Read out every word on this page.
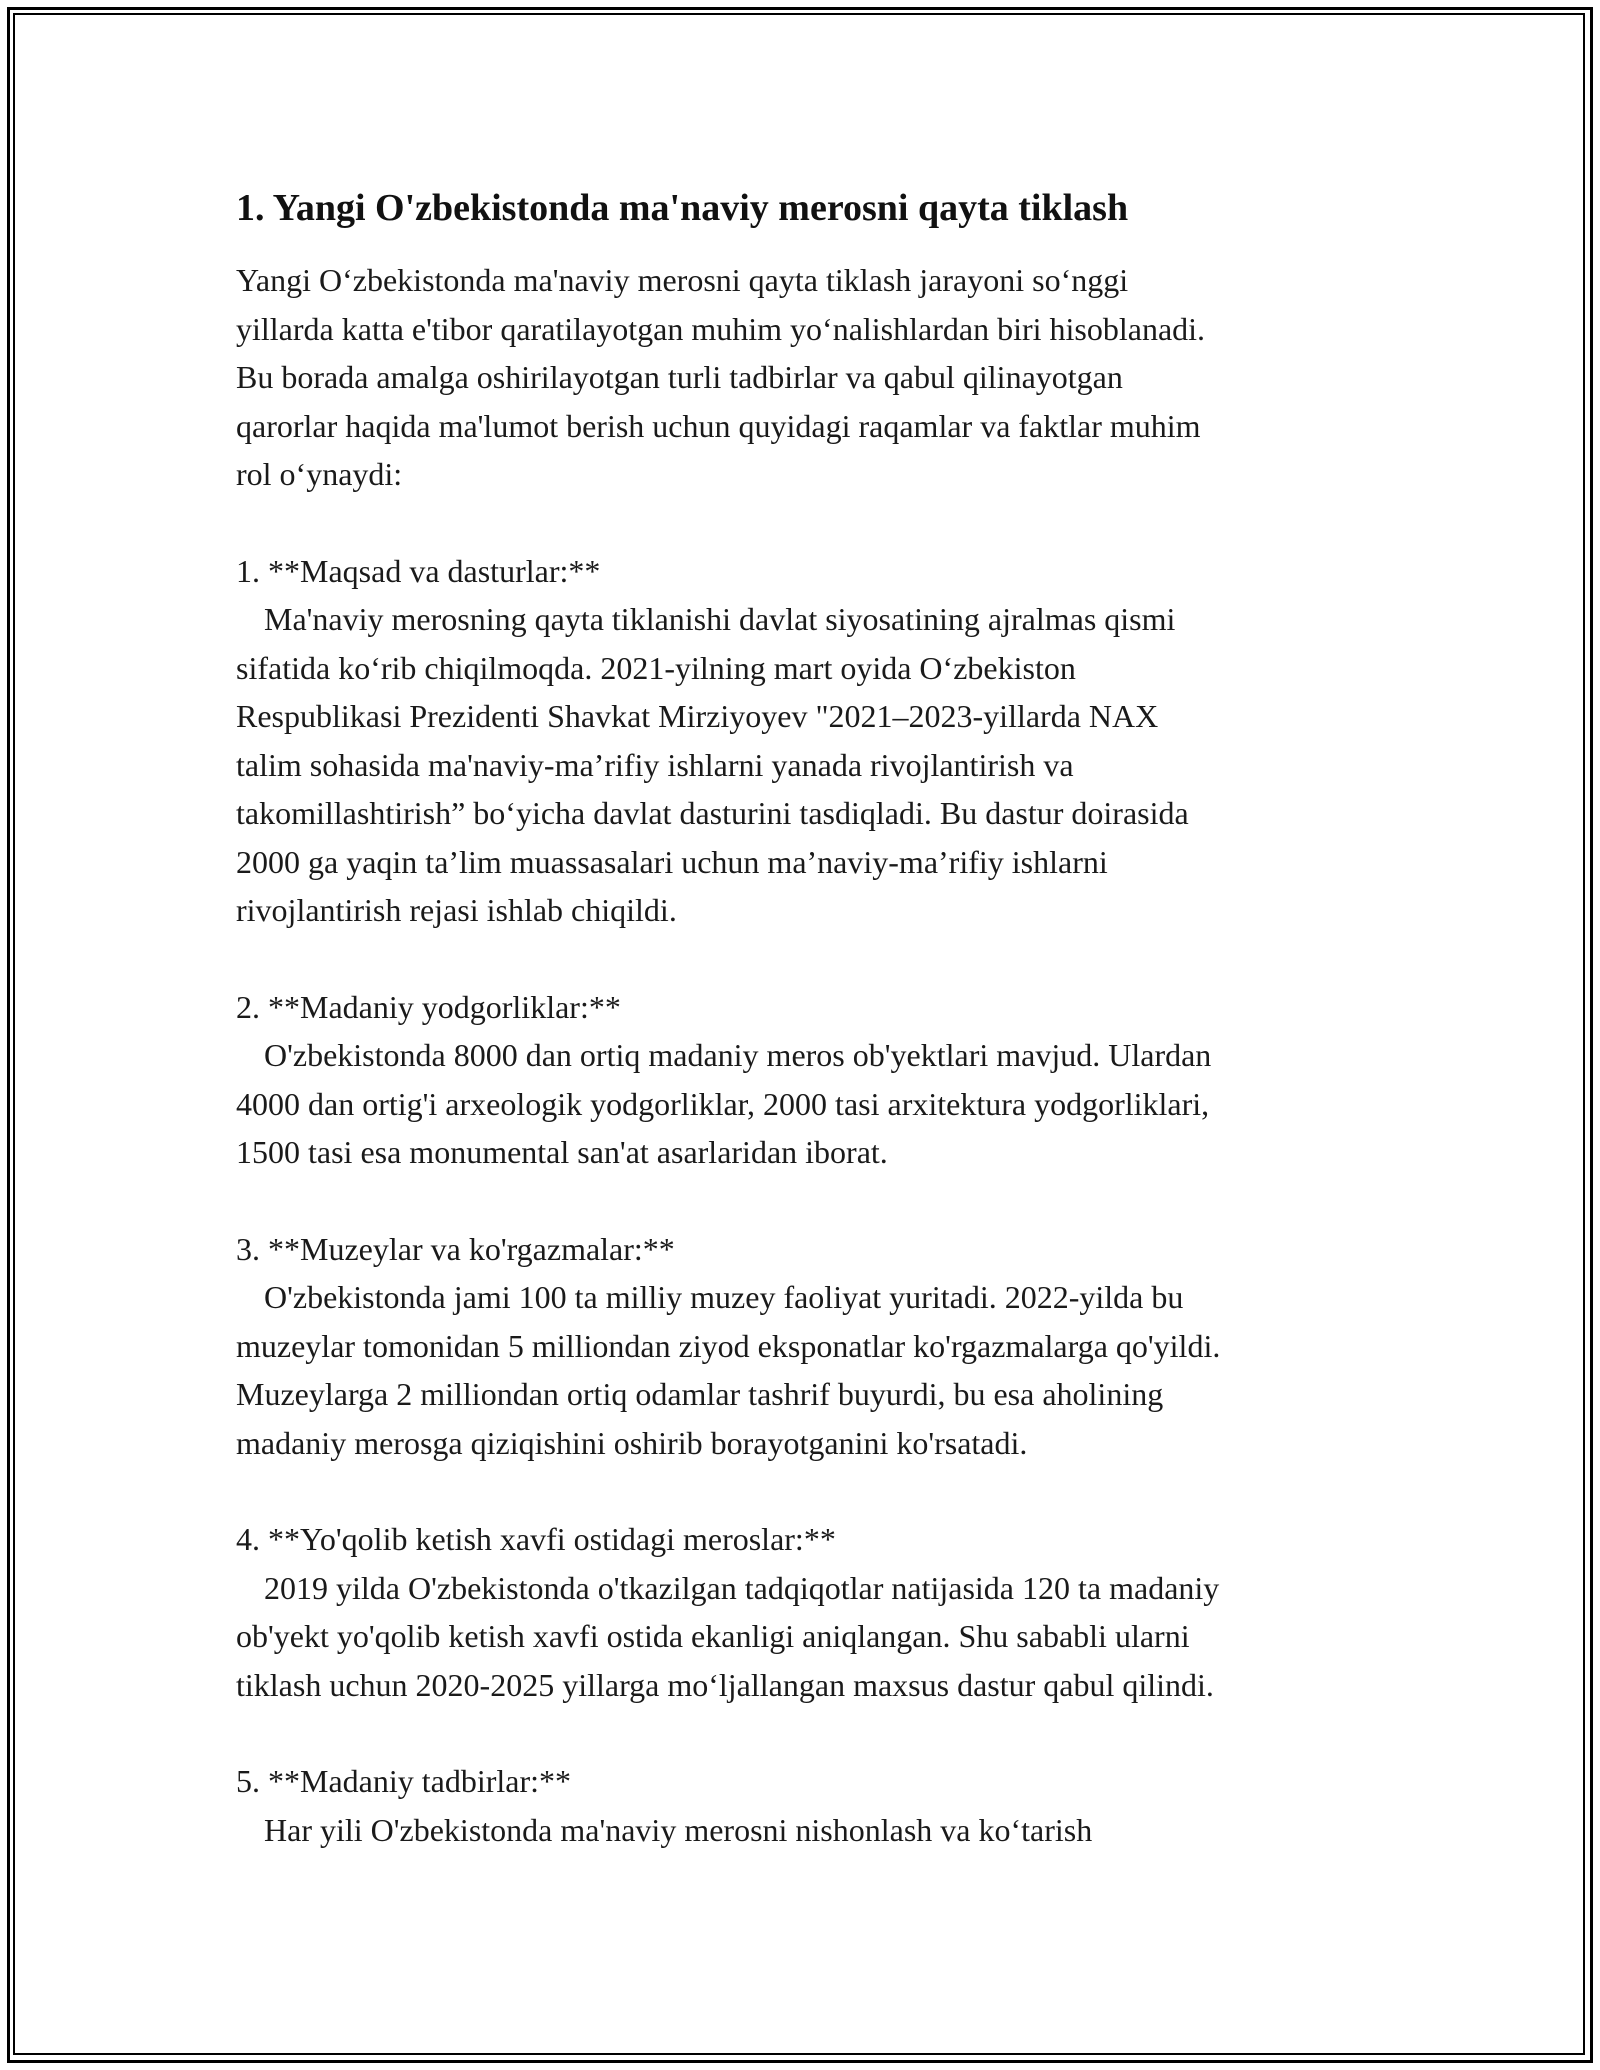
1. Yangi O'zbekistonda ma'naviy merosni qayta tiklash

Yangi O‘zbekistonda ma'naviy merosni qayta tiklash jarayoni so‘nggi
yillarda katta e'tibor qaratilayotgan muhim yo‘nalishlardan biri hisoblanadi.
Bu borada amalga oshirilayotgan turli tadbirlar va qabul qilinayotgan
qarorlar haqida ma'lumot berish uchun quyidagi raqamlar va faktlar muhim
rol o‘ynaydi:

1. **Maqsad va dasturlar:**

Ma'naviy merosning qayta tiklanishi davlat siyosatining ajralmas qismi
sifatida ko‘rib chiqilmoqda. 2021-yilning mart oyida O‘zbekiston
Respublikasi Prezidenti Shavkat Mirziyoyev "2021–2023-yillarda NAX
talim sohasida ma'naviy-ma’rifiy ishlarni yanada rivojlantirish va
takomillashtirish” bo‘yicha davlat dasturini tasdiqladi. Bu dastur doirasida
2000 ga yaqin ta’lim muassasalari uchun ma’naviy-ma’rifiy ishlarni
rivojlantirish rejasi ishlab chiqildi.

2. **Madaniy yodgorliklar:**

O'zbekistonda 8000 dan ortiq madaniy meros ob'yektlari mavjud. Ulardan
4000 dan ortig'i arxeologik yodgorliklar, 2000 tasi arxitektura yodgorliklari,
1500 tasi esa monumental san'at asarlaridan iborat.

3. **Muzeylar va ko'rgazmalar:**

O'zbekistonda jami 100 ta milliy muzey faoliyat yuritadi. 2022-yilda bu
muzeylar tomonidan 5 milliondan ziyod eksponatlar ko'rgazmalarga qo'yildi.
Muzeylarga 2 milliondan ortiq odamlar tashrif buyurdi, bu esa aholining
madaniy merosga qiziqishini oshirib borayotganini ko'rsatadi.

4. **Yo'qolib ketish xavfi ostidagi meroslar:**

2019 yilda O'zbekistonda o'tkazilgan tadqiqotlar natijasida 120 ta madaniy
ob'yekt yo'qolib ketish xavfi ostida ekanligi aniqlangan. Shu sababli ularni
tiklash uchun 2020-2025 yillarga mo‘ljallangan maxsus dastur qabul qilindi.

5. **Madaniy tadbirlar:**

Har yili O'zbekistonda ma'naviy merosni nishonlash va ko‘tarish
